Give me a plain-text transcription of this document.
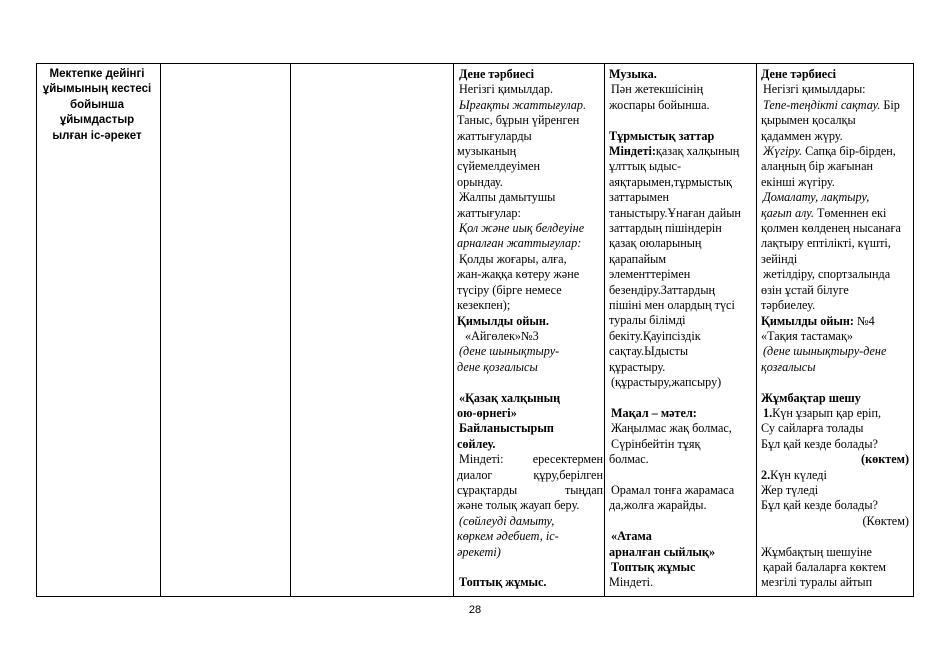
Мектепке дейінгі
ұйымының кестесі
бойынша
ұйымдастыр
ылған іс-әрекет
Дене тәрбиесі
Негізгі қимылдар.
Ырғақты жаттығулар.
Таныс, бұрын үйренген
жаттығуларды
музыканың
сүйемелдеуімен
орындау.
Жалпы дамытушы
жаттығулар:
Қол және иық белдеуіне
арналған жаттығулар:
Қолды жоғары, алға,
жан-жаққа көтеру және
түсіру (бірге немесе
кезекпен);
Қимылды ойын.
«Айгөлек»№3
(дене шынықтыру-
дене қозғалысы
«Қазақ халқының
ою-өрнегі»
Байланыстырып
сөйлеу.
Міндеті: ересектермен
диалог	құру,берілген
сұрақтарды	тыңдап
және толық жауап беру.
(сөйлеуді дамыту,
көркем әдебиет, іс-
әрекеті)
Топтық жұмыс.
Музыка.
Пән жетекшісінің
жоспары бойынша.
Тұрмыстық заттар
Міндеті:қазақ халқының
ұлттық ыдыс-
аяқтарымен,тұрмыстық
заттарымен
таныстыру.Ұнаған дайын
заттардың пішіндерін
қазақ оюларының
қарапайым
элементтерімен
безендіру.Заттардың
пішіні мен олардың түсі
туралы білімді
бекіту.Қауіпсіздік
сақтау.Ыдысты
құрастыру.
(құрастыру,жапсыру)
Мақал – мәтел:
Жаңылмас жақ болмас,
Сүрінбейтін тұяқ
болмас.
Орамал тонға жарамаса
да,жолға жарайды.
«Атама
арналған сыйлық»
Топтық жұмыс
Міндеті.
Дене тәрбиесі
Негізгі қимылдары:
Тепе-теңдікті сақтау. Бір
қырымен қосалқы
қадаммен жүру.
Жүгіру. Сапқа бір-бірден,
алаңның бір жағынан
екінші жүгіру.
Домалату, лақтыру,
қағып алу. Төменнен екі
қолмен көлденең нысанаға
лақтыру ептілікті, күшті,
зейінді
жетілдіру, спортзалында
өзін ұстай білуге
тәрбиелеу.
Қимылды ойын: №4
«Тақия тастамақ»
(дене шынықтыру-дене
қозғалысы
Жұмбақтар шешу
1.Күн ұзарып қар еріп,
Су сайларға толады
Бұл қай кезде болады?
(көктем)
2.Күн күледі
Жер түледі
Бұл қай кезде болады?
(Көктем)
Жұмбақтың шешуіне
қарай балаларға көктем
мезгілі туралы айтып
28
